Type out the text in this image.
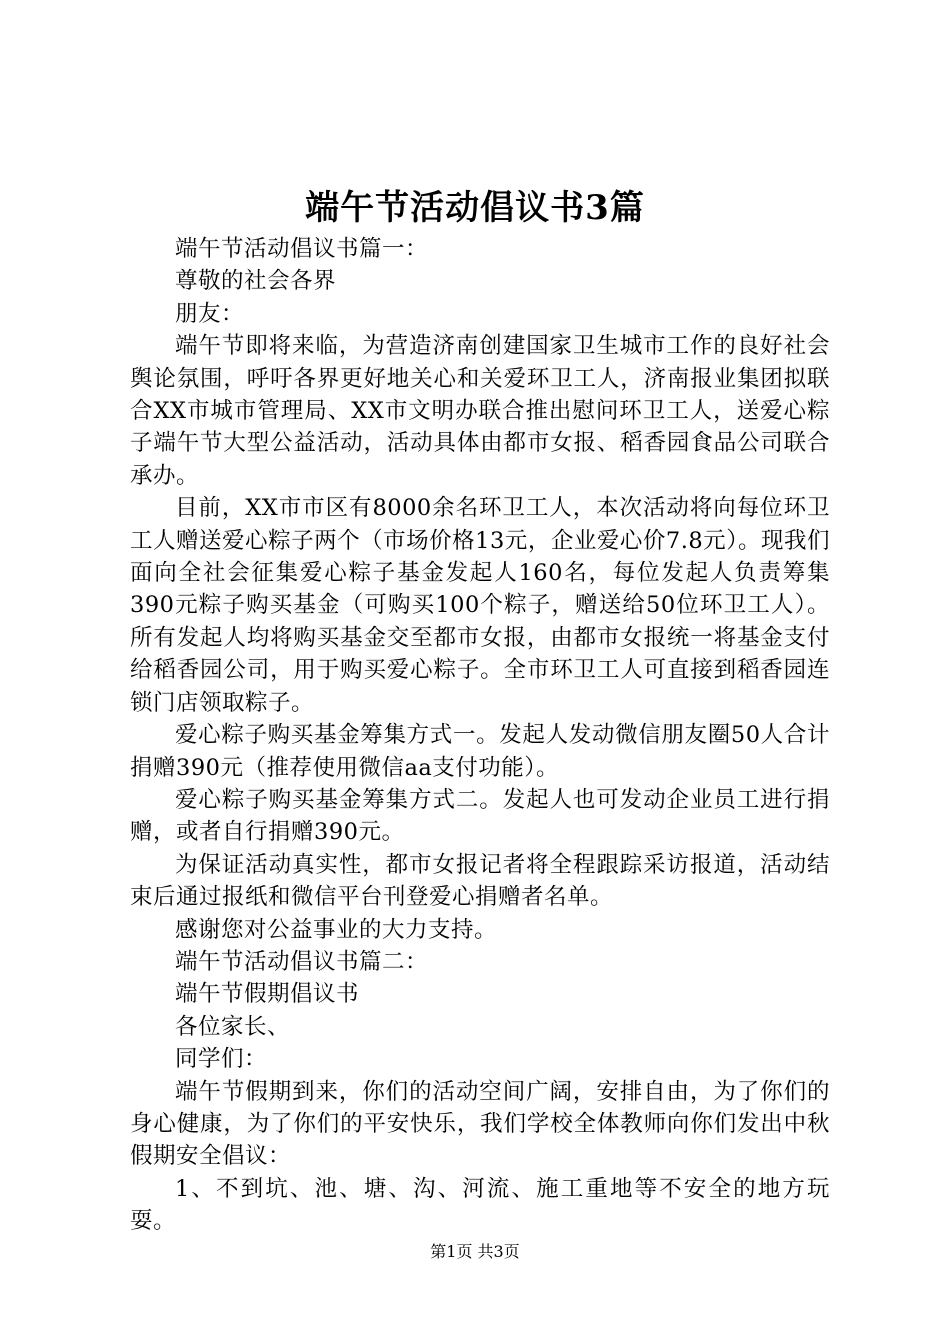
端午节活动倡议书3篇

端午节活动倡议书篇一：

尊敬的社会各界

朋友：

端午节即将来临，为营造济南创建国家卫生城市工作的良好社会舆论氛围，呼吁各界更好地关心和关爱环卫工人，济南报业集团拟联合XX市城市管理局、XX市文明办联合推出慰问环卫工人，送爱心粽子端午节大型公益活动，活动具体由都市女报、稻香园食品公司联合承办。

目前，XX市市区有8000余名环卫工人，本次活动将向每位环卫工人赠送爱心粽子两个（市场价格13元，企业爱心价7.8元）。现我们面向全社会征集爱心粽子基金发起人160名，每位发起人负责筹集390元粽子购买基金（可购买100个粽子，赠送给50位环卫工人）。所有发起人均将购买基金交至都市女报，由都市女报统一将基金支付给稻香园公司，用于购买爱心粽子。全市环卫工人可直接到稻香园连锁门店领取粽子。

爱心粽子购买基金筹集方式一。发起人发动微信朋友圈50人合计捐赠390元（推荐使用微信aa支付功能）。

爱心粽子购买基金筹集方式二。发起人也可发动企业员工进行捐赠，或者自行捐赠390元。

为保证活动真实性，都市女报记者将全程跟踪采访报道，活动结束后通过报纸和微信平台刊登爱心捐赠者名单。

感谢您对公益事业的大力支持。

端午节活动倡议书篇二：

端午节假期倡议书

各位家长、

同学们：

端午节假期到来，你们的活动空间广阔，安排自由，为了你们的身心健康，为了你们的平安快乐，我们学校全体教师向你们发出中秋假期安全倡议：

1、不到坑、池、塘、沟、河流、施工重地等不安全的地方玩耍。

第1页 共3页
